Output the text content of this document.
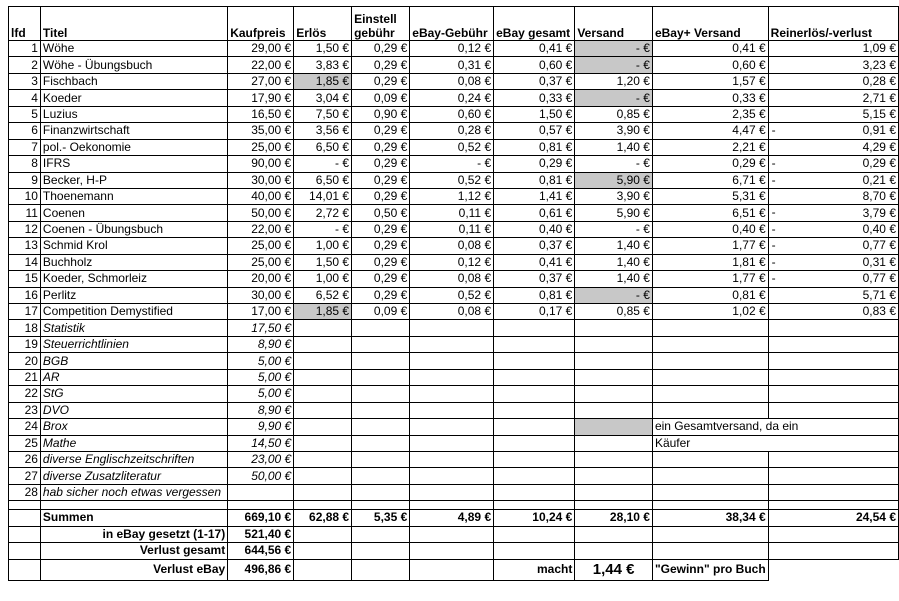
lfd	Titel	Kaufpreis	Erlös	Einstell gebühr	eBay-Gebühr	eBay gesamt	Versand	eBay+ Versand	Reinerlös/-verlust
1	Wöhe	29,00 €	1,50 €	0,29 €	0,12 €	0,41 €	- €	0,41 €	1,09 €

2	Wöhe - Übungsbuch	22,00 €	3,83 €	0,29 €	0,31 €	0,60 €	- €	0,60 €	3,23 €

3	Fischbach	27,00 €	1,85 €	0,29 €	0,08 €	0,37 €	1,20 €	1,57 €	0,28 €

4	Koeder	17,90 €	3,04 €	0,09 €	0,24 €	0,33 €	- €	0,33 €	2,71 €

5	Luzius	16,50 €	7,50 €	0,90 €	0,60 €	1,50 €	0,85 €	2,35 €	5,15 €

6	Finanzwirtschaft	35,00 €	3,56 €	0,29 €	0,28 €	0,57 €	3,90 €	4,47 €	- 0,91 €

7	pol.- Oekonomie	25,00 €	6,50 €	0,29 €	0,52 €	0,81 €	1,40 €	2,21 €	4,29 €

8	IFRS	90,00 €	- €	0,29 €	- €	0,29 €	- €	0,29 €	- 0,29 €

9	Becker, H-P	30,00 €	6,50 €	0,29 €	0,52 €	0,81 €	5,90 €	6,71 €	- 0,21 €

10	Thoenemann	40,00 €	14,01 €	0,29 €	1,12 €	1,41 €	3,90 €	5,31 €	8,70 €

11	Coenen	50,00 €	2,72 €	0,50 €	0,11 €	0,61 €	5,90 €	6,51 €	- 3,79 €

12	Coenen - Übungsbuch	22,00 €	- €	0,29 €	0,11 €	0,40 €	- €	0,40 €	- 0,40 €

13	Schmid Krol	25,00 €	1,00 €	0,29 €	0,08 €	0,37 €	1,40 €	1,77 €	- 0,77 €

14	Buchholz	25,00 €	1,50 €	0,29 €	0,12 €	0,41 €	1,40 €	1,81 €	- 0,31 €

15	Koeder, Schmorleiz	20,00 €	1,00 €	0,29 €	0,08 €	0,37 €	1,40 €	1,77 €	- 0,77 €

16	Perlitz	30,00 €	6,52 €	0,29 €	0,52 €	0,81 €	- €	0,81 €	5,71 €

17	Competition Demystified	17,00 €	1,85 €	0,09 €	0,08 €	0,17 €	0,85 €	1,02 €	0,83 €

18	Statistik	17,50 €							
19	Steuerrichtlinien	8,90 €							
20	BGB	5,00 €							
21	AR	5,00 €							
22	StG	5,00 €							
23	DVO	8,90 €							
24	Brox	9,90 €						ein Gesamtversand, da ein	
25	Mathe	14,50 €						Käufer	
26	diverse Englischzeitschriften	23,00 €							
27	diverse Zusatzliteratur	50,00 €							
28	hab sicher noch etwas vergessen								

	Summen	669,10 €	62,88 €	5,35 €	4,89 €	10,24 €	28,10 €	38,34 €	24,54 €
	in eBay gesetzt (1-17)	521,40 €							
	Verlust gesamt	644,56 €							
	Verlust eBay	496,86 €				macht	1,44 €	"Gewinn" pro Buch	
